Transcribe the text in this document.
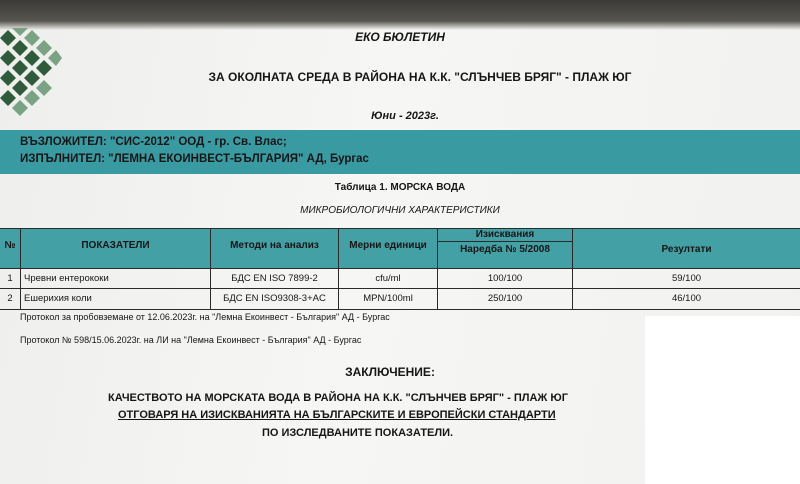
ЕКО БЮЛЕТИН
ЗА ОКОЛНАТА СРЕДА В РАЙОНА НА К.К. "СЛЪНЧЕВ БРЯГ" - ПЛАЖ ЮГ
Юни - 2023г.
ВЪЗЛОЖИТЕЛ: "СИС-2012" ООД - гр. Св. Влас;
ИЗПЪЛНИТЕЛ: "ЛЕМНА ЕКОИНВЕСТ-БЪЛГАРИЯ" АД, Бургас
Таблица 1. МОРСКА ВОДА
МИКРОБИОЛОГИЧНИ ХАРАКТЕРИСТИКИ
№	ПОКАЗАТЕЛИ	Методи на анализ	Мерни единици
Изисквания
Наредба № 5/2008	Резултати
1	Чревни ентерококи	БДС EN ISO 7899-2	cfu/ml	100/100	59/100
2	Ешерихия коли	БДС EN ISO9308-3+AC	MPN/100ml	250/100	46/100
Протокол за пробовземане от 12.06.2023г. на "Лемна Екоинвест - България" АД - Бургас
Протокол № 598/15.06.2023г. на ЛИ на "Лемна Екоинвест - България" АД - Бургас
ЗАКЛЮЧЕНИЕ:
КАЧЕСТВОТО НА МОРСКАТА ВОДА В РАЙОНА НА К.К. "СЛЪНЧЕВ БРЯГ" - ПЛАЖ ЮГ
ОТГОВАРЯ НА ИЗИСКВАНИЯТА НА БЪЛГАРСКИТЕ И ЕВРОПЕЙСКИ СТАНДАРТИ
ПО ИЗСЛЕДВАНИТЕ ПОКАЗАТЕЛИ.
